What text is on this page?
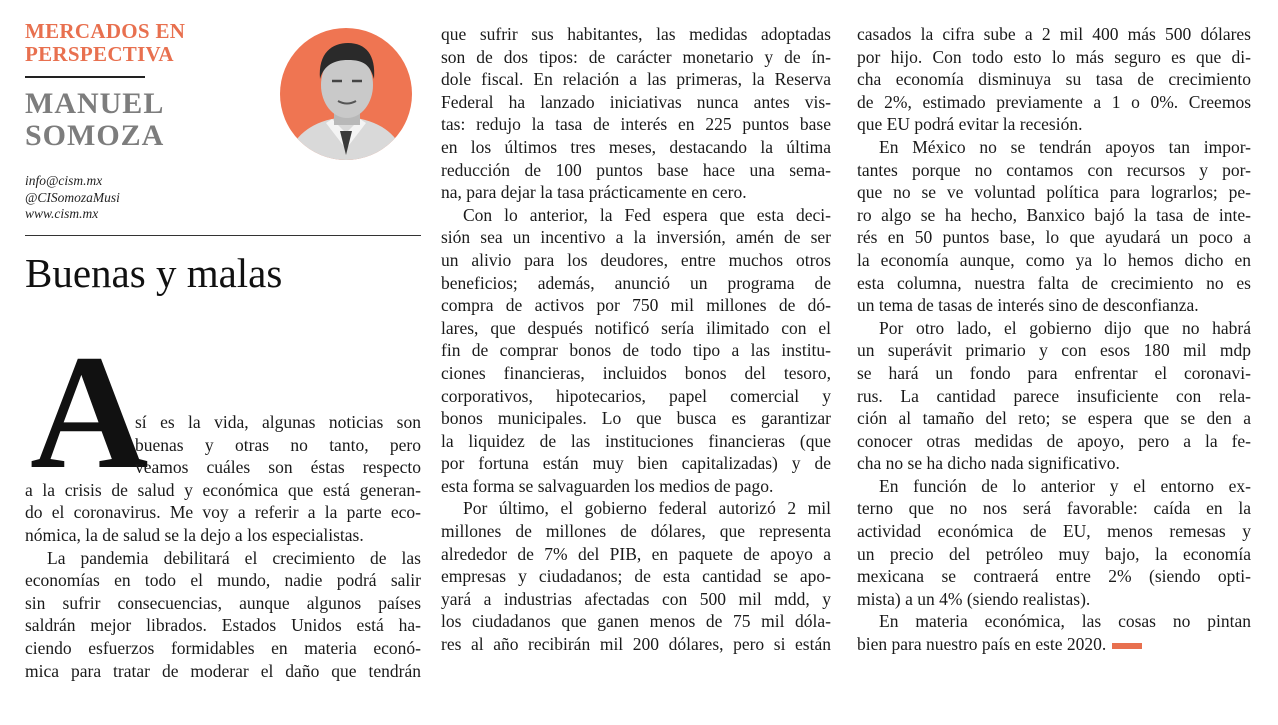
MERCADOS EN
PERSPECTIVA
MANUEL
SOMOZA
info@cism.mx
@CISomozaMusi
www.cism.mx
Buenas y malas
A
sí es la vida, algunas noticias son
buenas y otras no tanto, pero
veamos cuáles son éstas respecto
a la crisis de salud y económica que está generan-
do el coronavirus. Me voy a referir a la parte eco-
nómica, la de salud se la dejo a los especialistas.
La pandemia debilitará el crecimiento de las
economías en todo el mundo, nadie podrá salir
sin sufrir consecuencias, aunque algunos países
saldrán mejor librados. Estados Unidos está ha-
ciendo esfuerzos formidables en materia econó-
mica para tratar de moderar el daño que tendrán
que sufrir sus habitantes, las medidas adoptadas
son de dos tipos: de carácter monetario y de ín-
dole fiscal. En relación a las primeras, la Reserva
Federal ha lanzado iniciativas nunca antes vis-
tas: redujo la tasa de interés en 225 puntos base
en los últimos tres meses, destacando la última
reducción de 100 puntos base hace una sema-
na, para dejar la tasa prácticamente en cero.
Con lo anterior, la Fed espera que esta deci-
sión sea un incentivo a la inversión, amén de ser
un alivio para los deudores, entre muchos otros
beneficios; además, anunció un programa de
compra de activos por 750 mil millones de dó-
lares, que después notificó sería ilimitado con el
fin de comprar bonos de todo tipo a las institu-
ciones financieras, incluidos bonos del tesoro,
corporativos, hipotecarios, papel comercial y
bonos municipales. Lo que busca es garantizar
la liquidez de las instituciones financieras (que
por fortuna están muy bien capitalizadas) y de
esta forma se salvaguarden los medios de pago.
Por último, el gobierno federal autorizó 2 mil
millones de millones de dólares, que representa
alrededor de 7% del PIB, en paquete de apoyo a
empresas y ciudadanos; de esta cantidad se apo-
yará a industrias afectadas con 500 mil mdd, y
los ciudadanos que ganen menos de 75 mil dóla-
res al año recibirán mil 200 dólares, pero si están
casados la cifra sube a 2 mil 400 más 500 dólares
por hijo. Con todo esto lo más seguro es que di-
cha economía disminuya su tasa de crecimiento
de 2%, estimado previamente a 1 o 0%. Creemos
que EU podrá evitar la recesión.
En México no se tendrán apoyos tan impor-
tantes porque no contamos con recursos y por-
que no se ve voluntad política para lograrlos; pe-
ro algo se ha hecho, Banxico bajó la tasa de inte-
rés en 50 puntos base, lo que ayudará un poco a
la economía aunque, como ya lo hemos dicho en
esta columna, nuestra falta de crecimiento no es
un tema de tasas de interés sino de desconfianza.
Por otro lado, el gobierno dijo que no habrá
un superávit primario y con esos 180 mil mdp
se hará un fondo para enfrentar el coronavi-
rus. La cantidad parece insuficiente con rela-
ción al tamaño del reto; se espera que se den a
conocer otras medidas de apoyo, pero a la fe-
cha no se ha dicho nada significativo.
En función de lo anterior y el entorno ex-
terno que no nos será favorable: caída en la
actividad económica de EU, menos remesas y
un precio del petróleo muy bajo, la economía
mexicana se contraerá entre 2% (siendo opti-
mista) a un 4% (siendo realistas).
En materia económica, las cosas no pintan
bien para nuestro país en este 2020.
